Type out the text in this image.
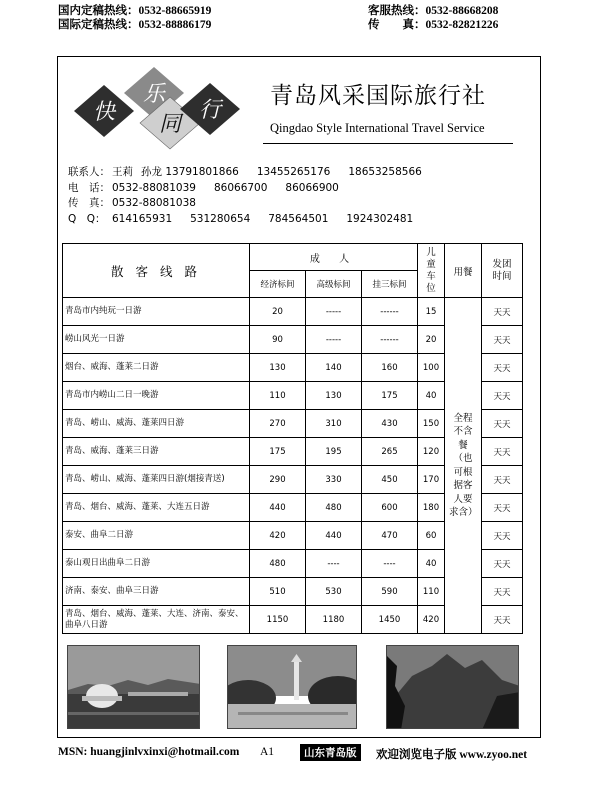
国内定稿热线：0532-88665919
国际定稿热线：0532-88886179
客服热线：0532-88668208
传　　真：0532-82821226
快
乐
同
行
青岛风采国际旅行社
Qingdao Style International Travel Service
联系人： 王莉 孙龙 13791801866 13455265176 18653258566
电　话： 0532-88081039 86066700 86066900
传　真： 0532-88081038
Q　Q： 614165931 531280654 784564501 1924302481
散 客 线 路	成 人			儿童车位	用餐	发团时间
	经济标间	高级标间	挂三标间			
青岛市内纯玩一日游	20	-----	------	15	全程不含餐（也可根据客人要求含）	天天
崂山风光一日游	90	-----	------	20		天天
烟台、威海、蓬莱二日游	130	140	160	100		天天
青岛市内崂山二日一晚游	110	130	175	40		天天
青岛、崂山、威海、蓬莱四日游	270	310	430	150		天天
青岛、威海、蓬莱三日游	175	195	265	120		天天
青岛、崂山、威海、蓬莱四日游(烟接青送)	290	330	450	170		天天
青岛、烟台、威海、蓬莱、大连五日游	440	480	600	180		天天
泰安、曲阜二日游	420	440	470	60		天天
泰山观日出曲阜二日游	480	----	----	40		天天
济南、泰安、曲阜三日游	510	530	590	110		天天
青岛、烟台、威海、蓬莱、大连、济南、泰安、曲阜八日游	1150	1180	1450	420		天天
MSN: huangjinlvxinxi@hotmail.com A1	山东青岛版	欢迎浏览电子版 www.zyoo.net
